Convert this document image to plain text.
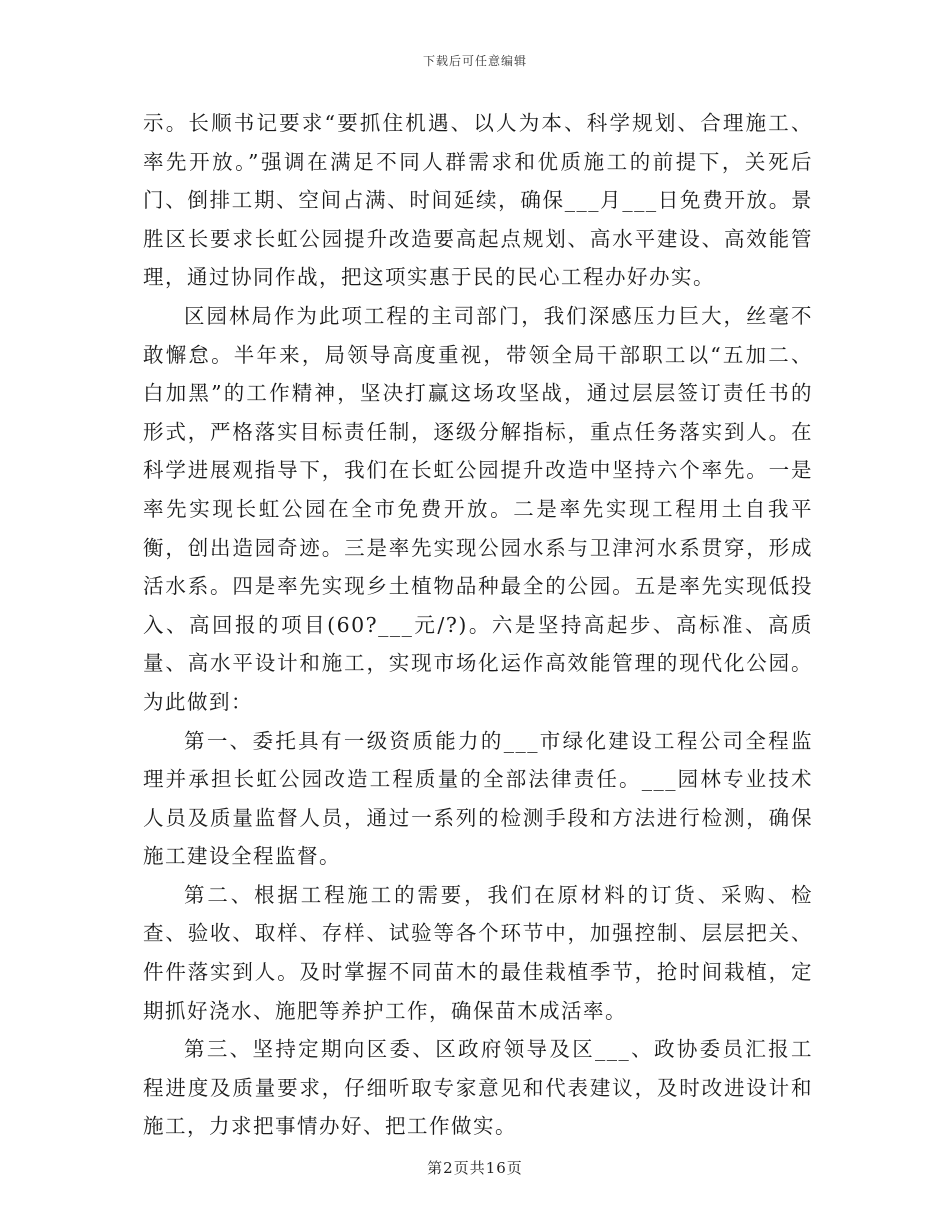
下载后可任意编辑

示。长顺书记要求“要抓住机遇、以人为本、科学规划、合理施工、率先开放。”强调在满足不同人群需求和优质施工的前提下，关死后门、倒排工期、空间占满、时间延续，确保___月___日免费开放。景胜区长要求长虹公园提升改造要高起点规划、高水平建设、高效能管理，通过协同作战，把这项实惠于民的民心工程办好办实。

区园林局作为此项工程的主司部门，我们深感压力巨大，丝毫不敢懈怠。半年来，局领导高度重视，带领全局干部职工以“五加二、白加黑”的工作精神，坚决打赢这场攻坚战，通过层层签订责任书的形式，严格落实目标责任制，逐级分解指标，重点任务落实到人。在科学进展观指导下，我们在长虹公园提升改造中坚持六个率先。一是率先实现长虹公园在全市免费开放。二是率先实现工程用土自我平衡，创出造园奇迹。三是率先实现公园水系与卫津河水系贯穿，形成活水系。四是率先实现乡土植物品种最全的公园。五是率先实现低投入、高回报的项目(60?___元/?)。六是坚持高起步、高标准、高质量、高水平设计和施工，实现市场化运作高效能管理的现代化公园。为此做到：

第一、委托具有一级资质能力的___市绿化建设工程公司全程监理并承担长虹公园改造工程质量的全部法律责任。___园林专业技术人员及质量监督人员，通过一系列的检测手段和方法进行检测，确保施工建设全程监督。

第二、根据工程施工的需要，我们在原材料的订货、采购、检查、验收、取样、存样、试验等各个环节中，加强控制、层层把关、件件落实到人。及时掌握不同苗木的最佳栽植季节，抢时间栽植，定期抓好浇水、施肥等养护工作，确保苗木成活率。

第三、坚持定期向区委、区政府领导及区___、政协委员汇报工程进度及质量要求，仔细听取专家意见和代表建议，及时改进设计和施工，力求把事情办好、把工作做实。

第2页共16页
